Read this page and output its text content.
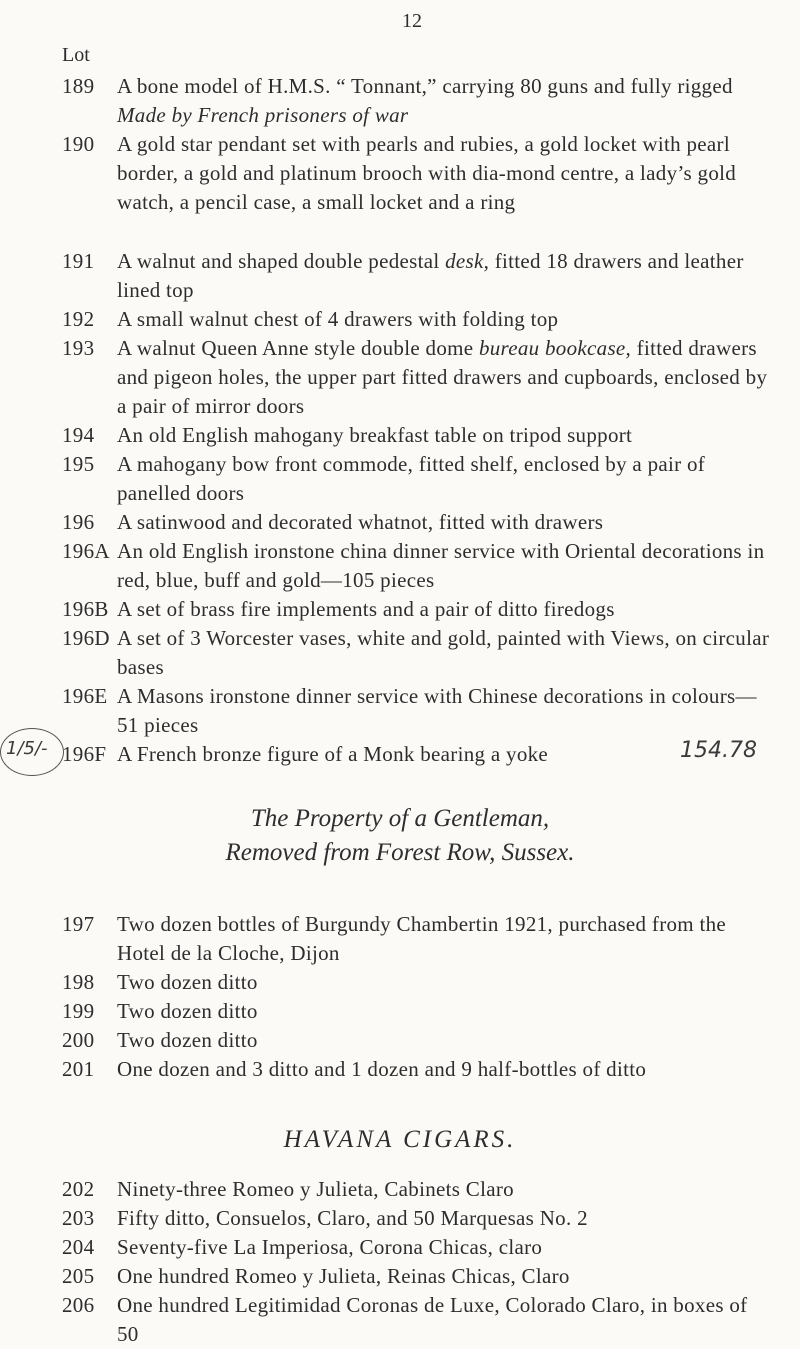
12
Lot
189	A bone model of H.M.S. “ Tonnant,” carrying 80 guns and fully rigged Made by French prisoners of war
190	A gold star pendant set with pearls and rubies, a gold locket with pearl border, a gold and platinum brooch with dia-mond centre, a lady’s gold watch, a pencil case, a small locket and a ring
191	A walnut and shaped double pedestal desk, fitted 18 drawers and leather lined top
192	A small walnut chest of 4 drawers with folding top
193	A walnut Queen Anne style double dome bureau bookcase, fitted drawers and pigeon holes, the upper part fitted drawers and cupboards, enclosed by a pair of mirror doors
194	An old English mahogany breakfast table on tripod support
195	A mahogany bow front commode, fitted shelf, enclosed by a pair of panelled doors
196	A satinwood and decorated whatnot, fitted with drawers
196A An old English ironstone china dinner service with Oriental decorations in red, blue, buff and gold—105 pieces
196B A set of brass fire implements and a pair of ditto firedogs
196D A set of 3 Worcester vases, white and gold, painted with Views, on circular bases
196E A Masons ironstone dinner service with Chinese decorations in colours—51 pieces
196F A French bronze figure of a Monk bearing a yoke
1/5/-	154.78
The Property of a Gentleman,
Removed from Forest Row, Sussex.
197	Two dozen bottles of Burgundy Chambertin 1921, purchased from the Hotel de la Cloche, Dijon
198	Two dozen ditto
199	Two dozen ditto
200	Two dozen ditto
201	One dozen and 3 ditto and 1 dozen and 9 half-bottles of ditto
HAVANA CIGARS.
202	Ninety-three Romeo y Julieta, Cabinets Claro
203	Fifty ditto, Consuelos, Claro, and 50 Marquesas No. 2
204	Seventy-five La Imperiosa, Corona Chicas, claro
205	One hundred Romeo y Julieta, Reinas Chicas, Claro
206	One hundred Legitimidad Coronas de Luxe, Colorado Claro, in boxes of 50
